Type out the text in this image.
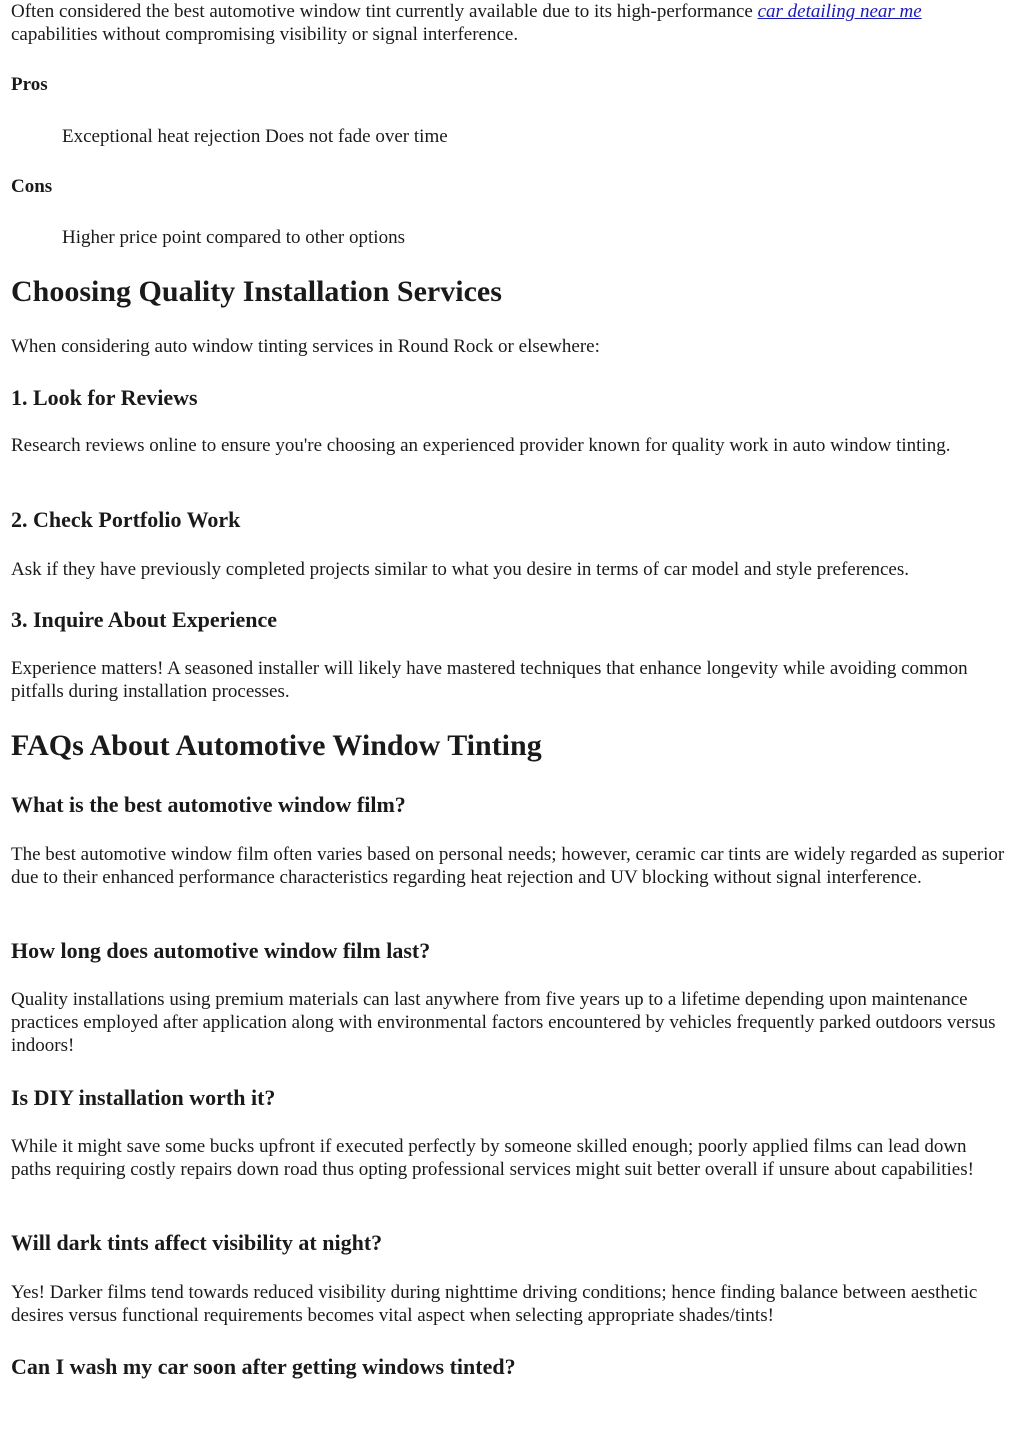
Often considered the best automotive window tint currently available due to its high-performance car detailing near me capabilities without compromising visibility or signal interference.

Pros
Exceptional heat rejection Does not fade over time
Cons
Higher price point compared to other options
Choosing Quality Installation Services

When considering auto window tinting services in Round Rock or elsewhere:

1. Look for Reviews

Research reviews online to ensure you're choosing an experienced provider known for quality work in auto window tinting.

2. Check Portfolio Work

Ask if they have previously completed projects similar to what you desire in terms of car model and style preferences.

3. Inquire About Experience

Experience matters! A seasoned installer will likely have mastered techniques that enhance longevity while avoiding common pitfalls during installation processes.

FAQs About Automotive Window Tinting
What is the best automotive window film?

The best automotive window film often varies based on personal needs; however, ceramic car tints are widely regarded as superior due to their enhanced performance characteristics regarding heat rejection and UV blocking without signal interference.

How long does automotive window film last?

Quality installations using premium materials can last anywhere from five years up to a lifetime depending upon maintenance practices employed after application along with environmental factors encountered by vehicles frequently parked outdoors versus indoors!

Is DIY installation worth it?

While it might save some bucks upfront if executed perfectly by someone skilled enough; poorly applied films can lead down paths requiring costly repairs down road thus opting professional services might suit better overall if unsure about capabilities!

Will dark tints affect visibility at night?

Yes! Darker films tend towards reduced visibility during nighttime driving conditions; hence finding balance between aesthetic desires versus functional requirements becomes vital aspect when selecting appropriate shades/tints!

Can I wash my car soon after getting windows tinted?
